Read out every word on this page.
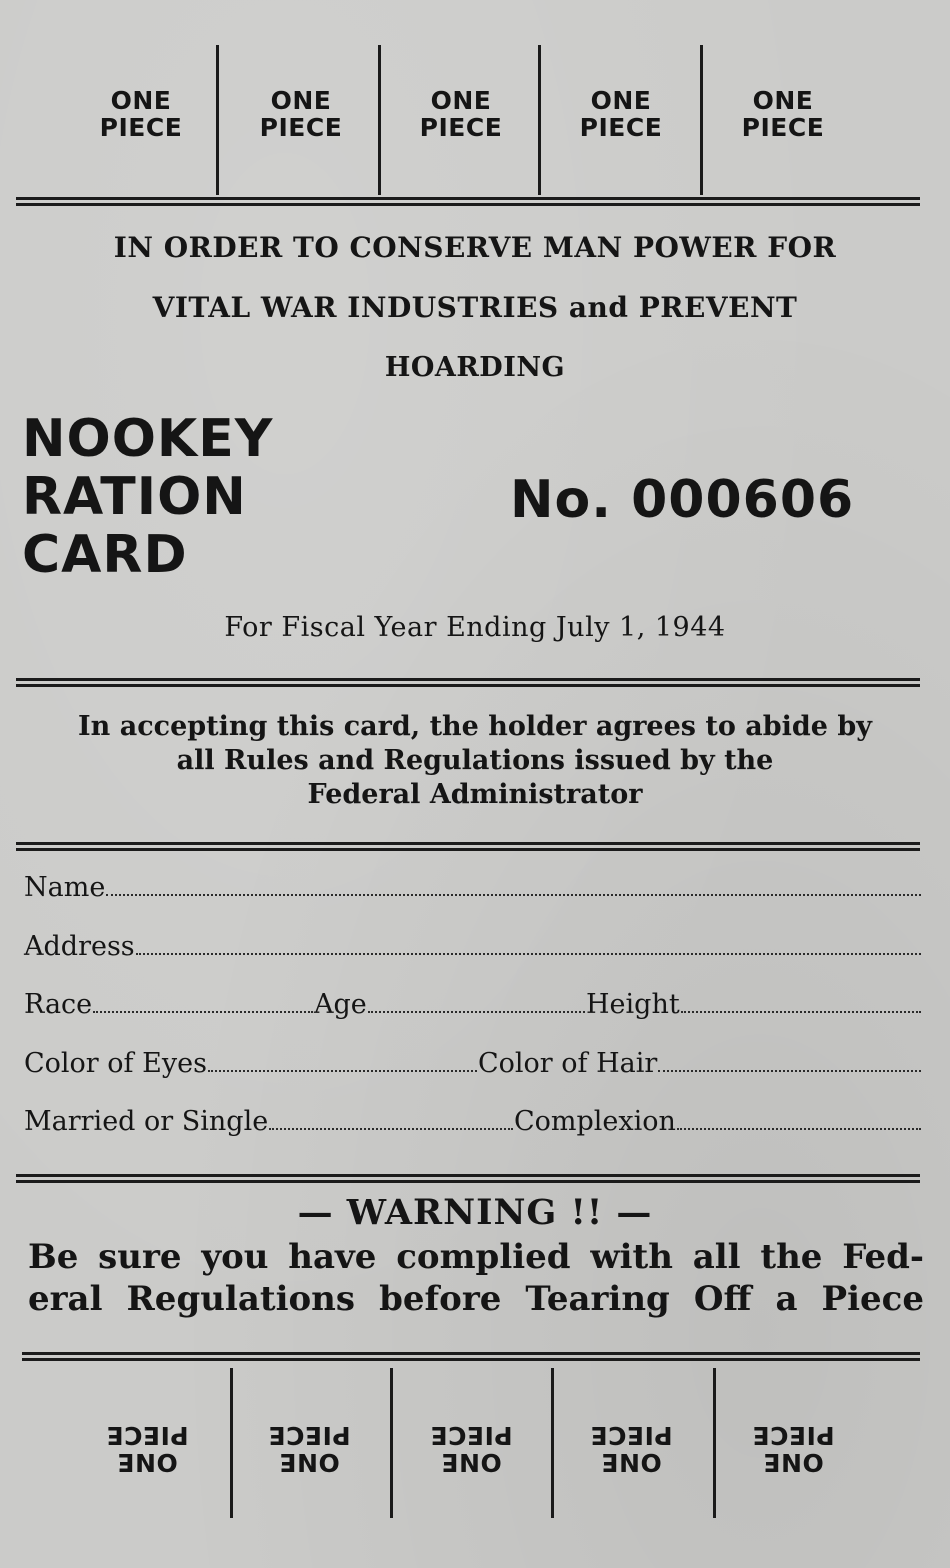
ONE
PIECE
ONE
PIECE
ONE
PIECE
ONE
PIECE
ONE
PIECE
IN ORDER TO CONSERVE MAN POWER FOR
VITAL WAR INDUSTRIES and PREVENT
HOARDING
NOOKEY
RATION
CARD
No. 000606
For Fiscal Year Ending July 1, 1944
In accepting this card, the holder agrees to abide by
all Rules and Regulations issued by the
Federal Administrator
Name
Address
Race	Age	Height
Color of Eyes	Color of Hair
Married or Single	Complexion
— WARNING !! —
Be sure you have complied with all the Fed-
eral Regulations before Tearing Off a Piece
ONE
PIECE
ONE
PIECE
ONE
PIECE
ONE
PIECE
ONE
PIECE
